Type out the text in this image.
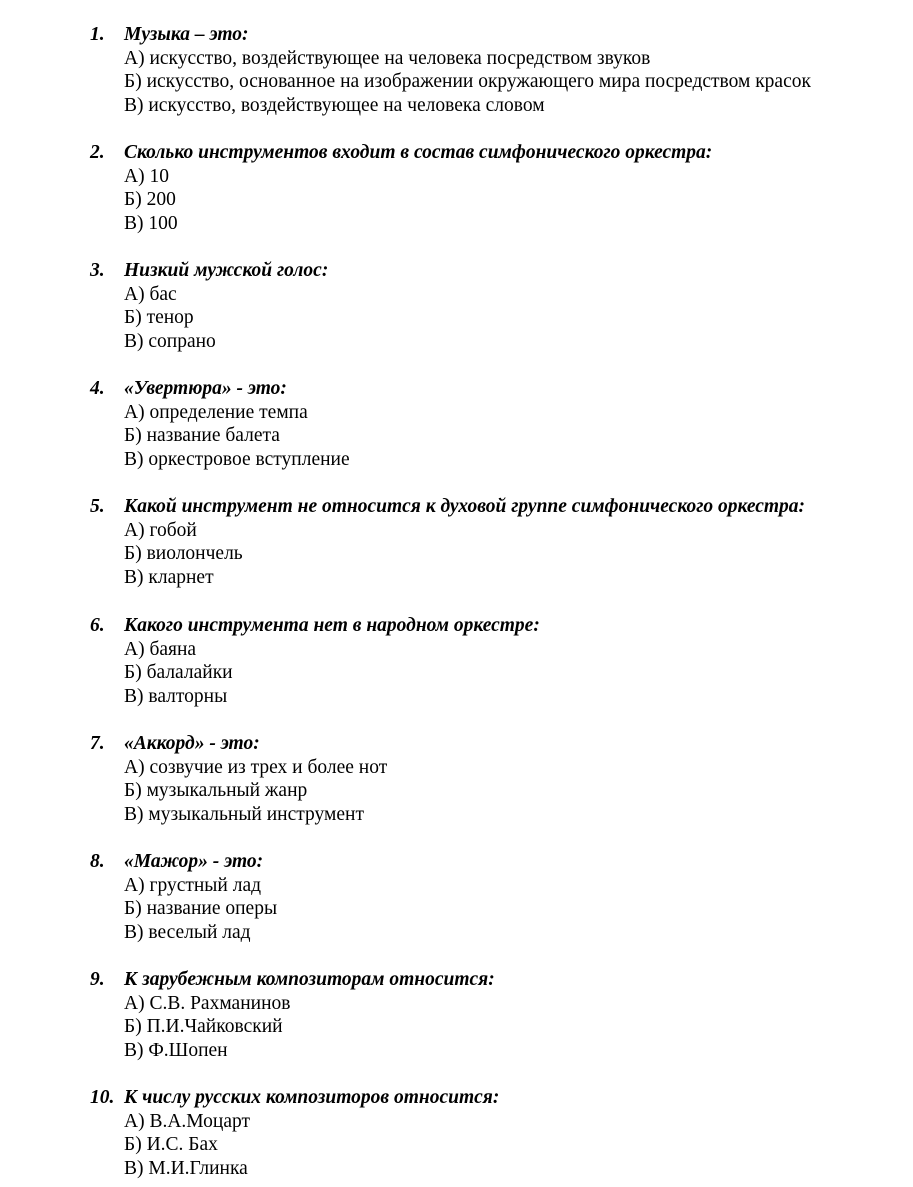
1. Музыка – это:
А) искусство, воздействующее на человека посредством звуков
Б) искусство, основанное на изображении окружающего мира посредством красок
В) искусство, воздействующее на человека словом
2. Сколько инструментов входит в состав симфонического оркестра:
А) 10
Б) 200
В) 100
3. Низкий мужской голос:
А) бас
Б) тенор
В) сопрано
4. «Увертюра» - это:
А) определение темпа
Б) название балета
В) оркестровое вступление
5. Какой инструмент не относится к духовой группе симфонического оркестра:
А) гобой
Б) виолончель
В) кларнет
6. Какого инструмента нет в народном оркестре:
А) баяна
Б) балалайки
В) валторны
7.«Аккорд» - это:
А) созвучие из трех и более нот
Б) музыкальный жанр
В) музыкальный инструмент
8.«Мажор» - это:
А) грустный лад
Б) название оперы
В) веселый лад
9. К зарубежным композиторам относится:
А) С.В. Рахманинов
Б) П.И.Чайковский
В) Ф.Шопен
10. К числу русских композиторов относится:
А) В.А.Моцарт
Б) И.С. Бах
В) М.И.Глинка
